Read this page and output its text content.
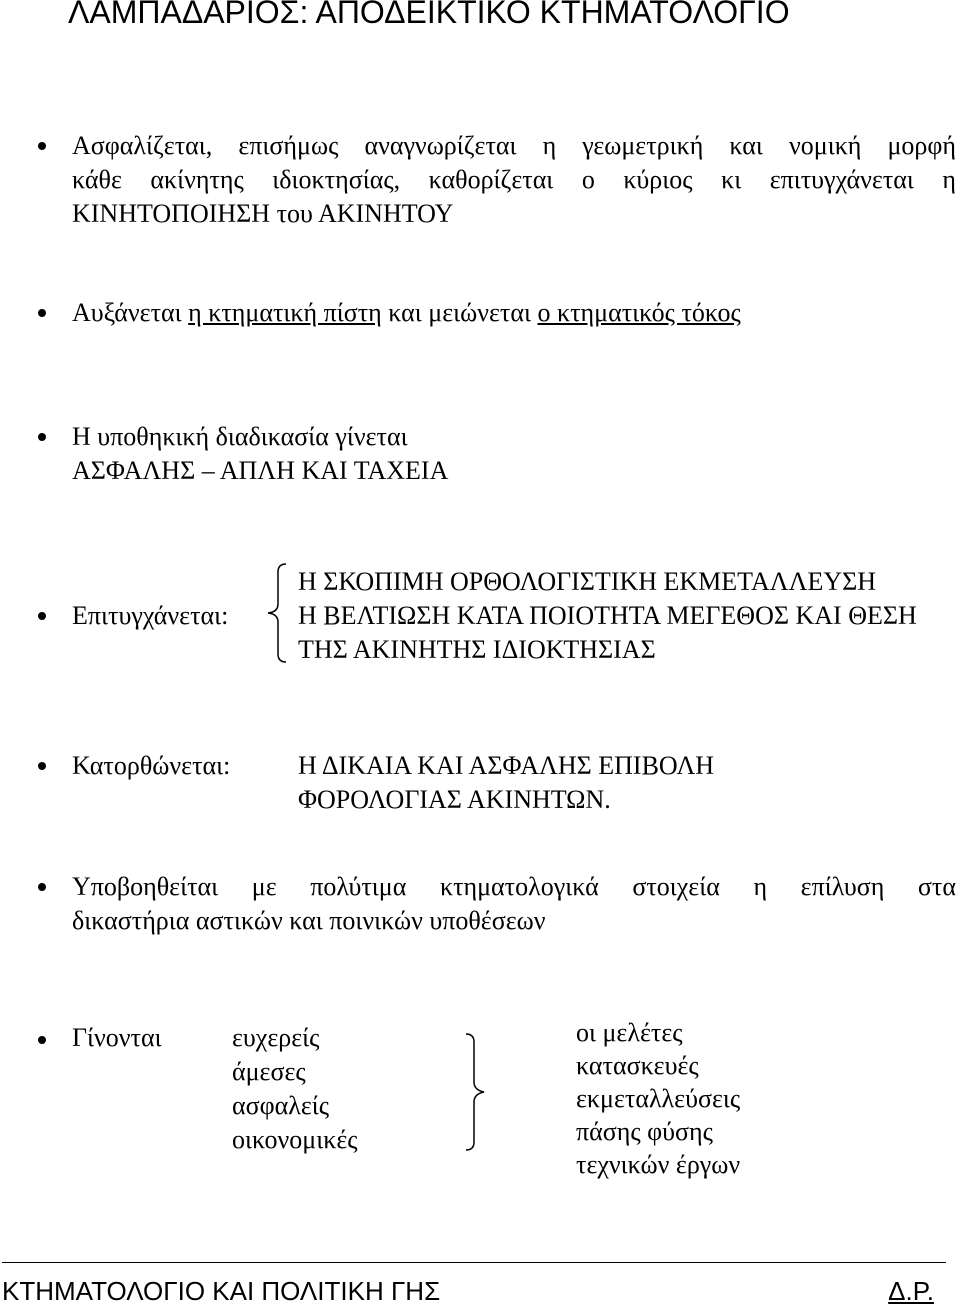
ΛΑΜΠΑΔΑΡΙΟΣ: ΑΠΟΔΕΙΚΤΙΚΟ ΚΤΗΜΑΤΟΛΟΓΙΟ
Ασφαλίζεται, επισήμως αναγνωρίζεται η γεωμετρική και νομική μορφή
κάθε ακίνητης ιδιοκτησίας, καθορίζεται ο κύριος κι επιτυγχάνεται η
ΚΙΝΗΤΟΠΟΙΗΣΗ του ΑΚΙΝΗΤΟΥ
Αυξάνεται η κτηματική πίστη και μειώνεται ο κτηματικός τόκος
Η υποθηκική διαδικασία γίνεται
ΑΣΦΑΛΗΣ – ΑΠΛΗ ΚΑΙ ΤΑΧΕΙΑ
Επιτυγχάνεται:
Η ΣΚΟΠΙΜΗ ΟΡΘΟΛΟΓΙΣΤΙΚΗ ΕΚΜΕΤΑΛΛΕΥΣΗ
Η ΒΕΛΤΙΩΣΗ ΚΑΤΑ ΠΟΙΟΤΗΤΑ ΜΕΓΕΘΟΣ ΚΑΙ ΘΕΣΗ
ΤΗΣ ΑΚΙΝΗΤΗΣ ΙΔΙΟΚΤΗΣΙΑΣ
Κατορθώνεται:	Η ΔΙΚΑΙΑ ΚΑΙ ΑΣΦΑΛΗΣ ΕΠΙΒΟΛΗ
ΦΟΡΟΛΟΓΙΑΣ ΑΚΙΝΗΤΩΝ.
Υποβοηθείται με πολύτιμα κτηματολογικά στοιχεία η επίλυση στα
δικαστήρια αστικών και ποινικών υποθέσεων
Γίνονται	ευχερείς
άμεσες
ασφαλείς
οικονομικές
οι μελέτες
κατασκευές
εκμεταλλεύσεις
πάσης φύσης
τεχνικών έργων
ΚΤΗΜΑΤΟΛΟΓΙΟ ΚΑΙ ΠΟΛΙΤΙΚΗ ΓΗΣ	Δ.Ρ.
